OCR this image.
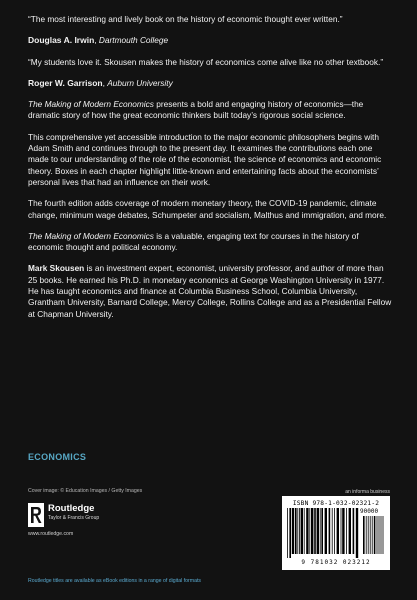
“The most interesting and lively book on the history of economic thought ever written.”

Douglas A. Irwin, Dartmouth College

“My students love it. Skousen makes the history of economics come alive like no other textbook.”

Roger W. Garrison, Auburn University

The Making of Modern Economics presents a bold and engaging history of economics—the dramatic story of how the great economic thinkers built today’s rigorous social science.

This comprehensive yet accessible introduction to the major economic philosophers begins with Adam Smith and continues through to the present day. It examines the contributions each one made to our understanding of the role of the economist, the science of economics and economic theory. Boxes in each chapter highlight little-known and entertaining facts about the economists’ personal lives that had an influence on their work.

The fourth edition adds coverage of modern monetary theory, the COVID-19 pandemic, climate change, minimum wage debates, Schumpeter and socialism, Malthus and immigration, and more.

The Making of Modern Economics is a valuable, engaging text for courses in the history of economic thought and political economy.

Mark Skousen is an investment expert, economist, university professor, and author of more than 25 books. He earned his Ph.D. in monetary economics at George Washington University in 1977. He has taught economics and finance at Columbia Business School, Columbia University, Grantham University, Barnard College, Mercy College, Rollins College and as a Presidential Fellow at Chapman University.

ECONOMICS
Cover image: © Education Images / Getty Images
Routledge
Taylor & Francis Group
www.routledge.com
an informa business
ISBN 978-1-032-02321-2
90000
9 781032 023212
Routledge titles are available as eBook editions in a range of digital formats
